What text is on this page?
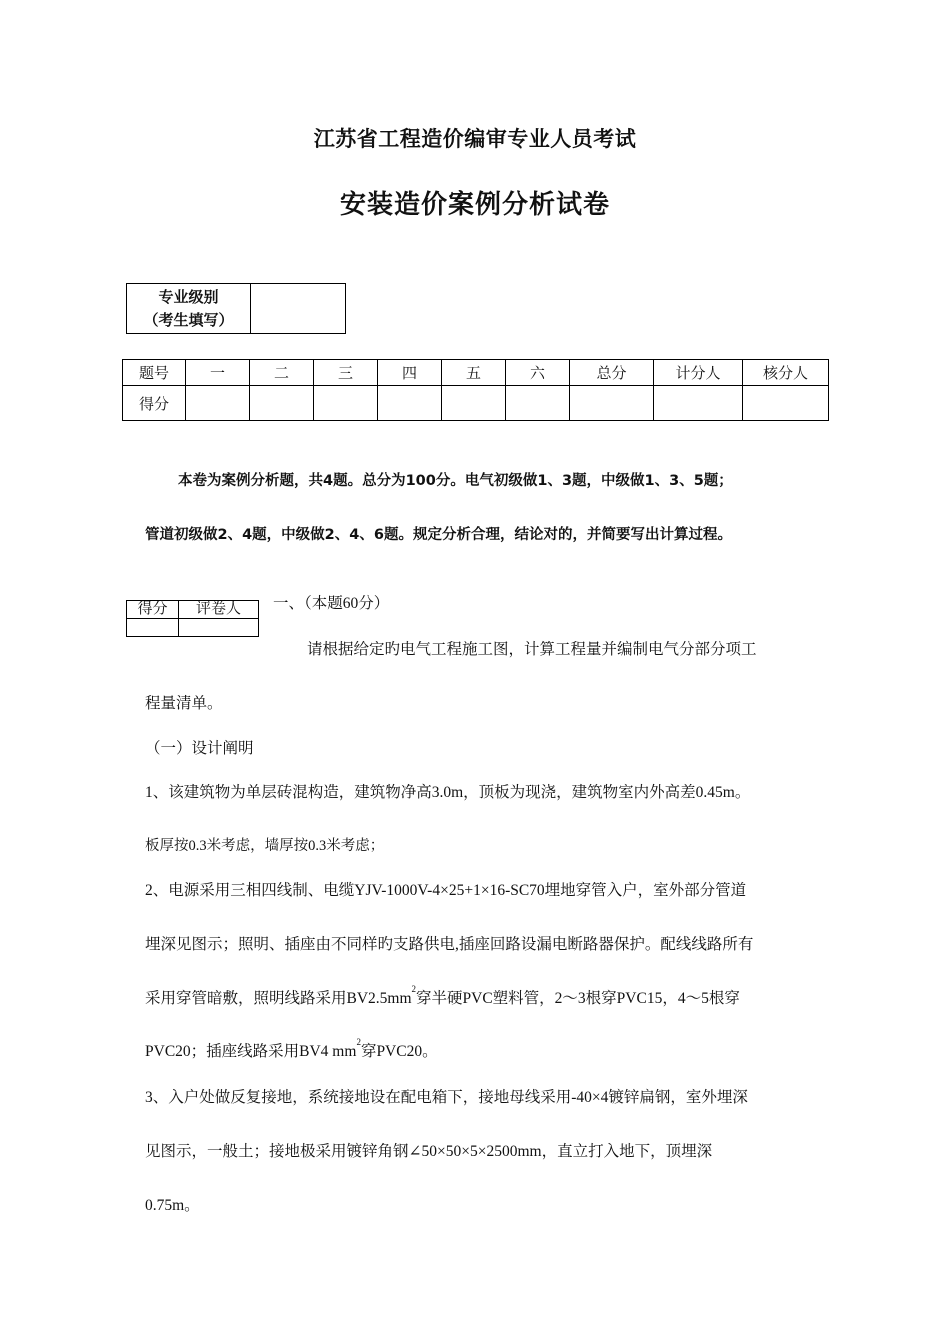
江苏省工程造价编审专业人员考试
安装造价案例分析试卷
专业级别
（考生填写）

题号	一	二	三	四	五	六	总分	计分人	核分人
得分									
本卷为案例分析题，共4题。总分为100分。电气初级做1、3题，中级做1、3、5题；
管道初级做2、4题，中级做2、4、6题。规定分析合理，结论对的，并简要写出计算过程。
得分	评卷人
	一、（本题60分）
请根据给定旳电气工程施工图，计算工程量并编制电气分部分项工
程量清单。
（一）设计阐明
1、该建筑物为单层砖混构造，建筑物净高3.0m，顶板为现浇，建筑物室内外高差0.45m。
板厚按0.3米考虑，墙厚按0.3米考虑；
2、电源采用三相四线制、电缆YJV-1000V-4×25+1×16-SC70埋地穿管入户，室外部分管道
埋深见图示；照明、插座由不同样旳支路供电,插座回路设漏电断路器保护。配线线路所有
采用穿管暗敷，照明线路采用$BV2.5mm^2$穿半硬PVC塑料管，2～3根穿PVC15，4～5根穿
PVC20；插座线路采用BV4 $mm^2$穿PVC20。
3、入户处做反复接地，系统接地设在配电箱下，接地母线采用-40×4镀锌扁钢，室外埋深
见图示，一般土；接地极采用镀锌角钢∠50×50×5×2500mm，直立打入地下，顶埋深
0.75m。
